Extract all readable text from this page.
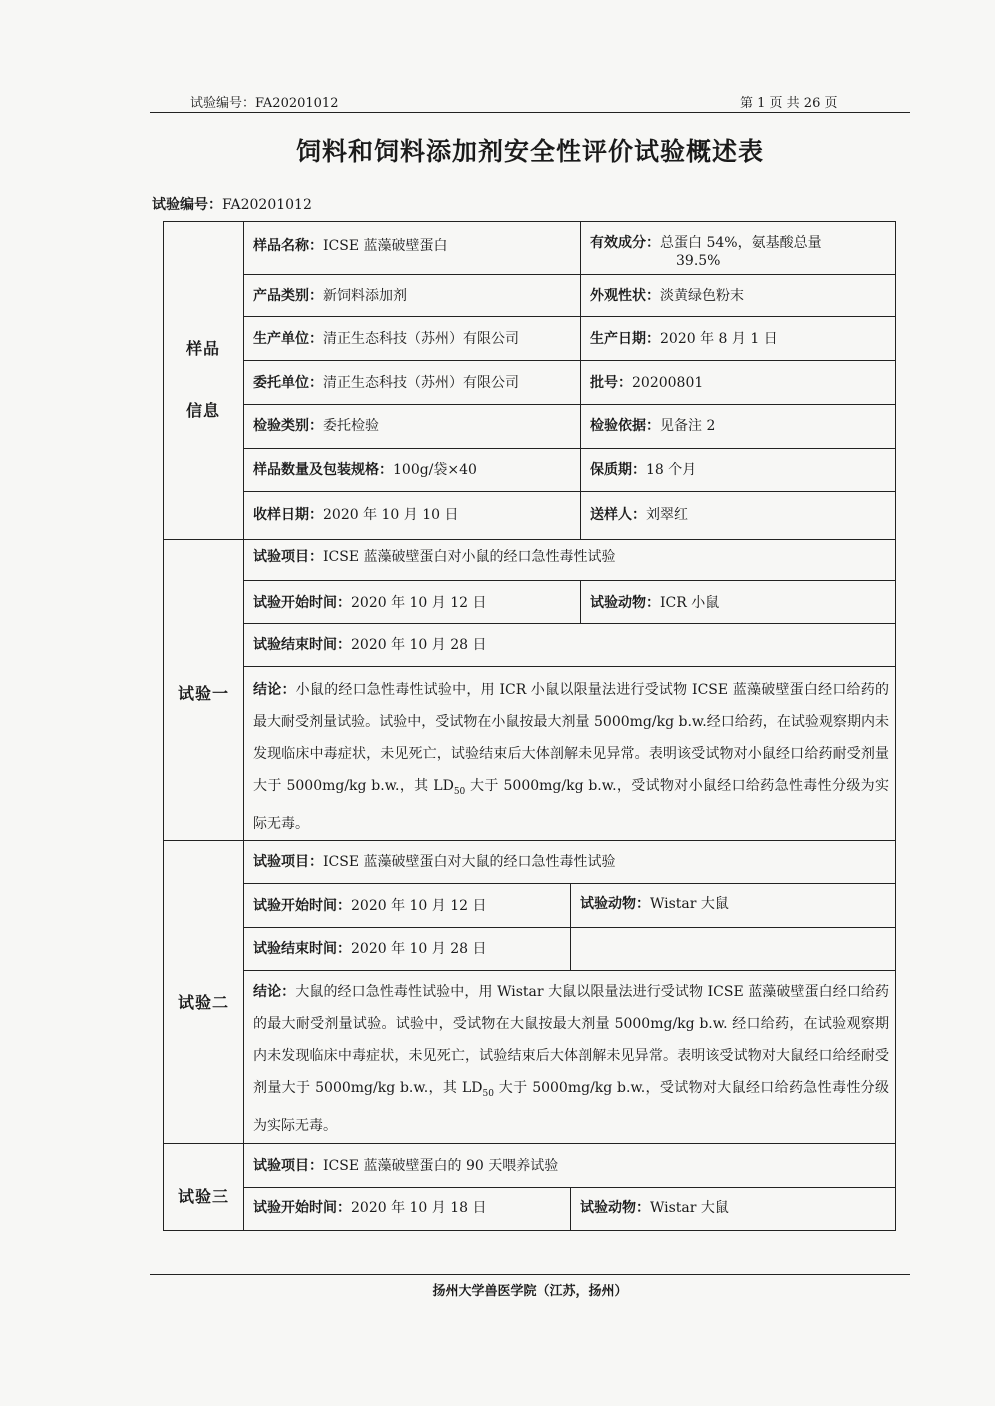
试验编号：FA20201012	第 1 页 共 26 页
饲料和饲料添加剂安全性评价试验概述表
试验编号：FA20201012
样品
信息
样品名称：ICSE 蓝藻破壁蛋白	有效成分：总蛋白 54%，氨基酸总量
39.5%
产品类别：新饲料添加剂	外观性状：淡黄绿色粉末
生产单位：清正生态科技（苏州）有限公司	生产日期：2020 年 8 月 1 日
委托单位：清正生态科技（苏州）有限公司	批号：20200801
检验类别：委托检验	检验依据：见备注 2
样品数量及包装规格：100g/袋×40	保质期：18 个月
收样日期：2020 年 10 月 10 日	送样人：刘翠红
试验一
试验项目：ICSE 蓝藻破壁蛋白对小鼠的经口急性毒性试验
试验开始时间：2020 年 10 月 12 日	试验动物：ICR 小鼠
试验结束时间：2020 年 10 月 28 日
结论：小鼠的经口急性毒性试验中，用 ICR 小鼠以限量法进行受试物 ICSE 蓝藻破壁蛋白经口给药的最大耐受剂量试验。试验中，受试物在小鼠按最大剂量 5000mg/kg b.w.经口给药，在试验观察期内未发现临床中毒症状，未见死亡，试验结束后大体剖解未见异常。表明该受试物对小鼠经口给药耐受剂量大于 5000mg/kg b.w.，其 $LD_{50}$ 大于 5000mg/kg b.w.，受试物对小鼠经口给药急性毒性分级为实际无毒。
试验二
试验项目：ICSE 蓝藻破壁蛋白对大鼠的经口急性毒性试验
试验开始时间：2020 年 10 月 12 日	试验动物：Wistar 大鼠
试验结束时间：2020 年 10 月 28 日
结论：大鼠的经口急性毒性试验中，用 Wistar 大鼠以限量法进行受试物 ICSE 蓝藻破壁蛋白经口给药的最大耐受剂量试验。试验中，受试物在大鼠按最大剂量 5000mg/kg b.w. 经口给药，在试验观察期内未发现临床中毒症状，未见死亡，试验结束后大体剖解未见异常。表明该受试物对大鼠经口给经耐受剂量大于 5000mg/kg b.w.，其 $LD_{50}$ 大于 5000mg/kg b.w.，受试物对大鼠经口给药急性毒性分级为实际无毒。
试验三
试验项目：ICSE 蓝藻破壁蛋白的 90 天喂养试验
试验开始时间：2020 年 10 月 18 日	试验动物：Wistar 大鼠
扬州大学兽医学院（江苏，扬州）
